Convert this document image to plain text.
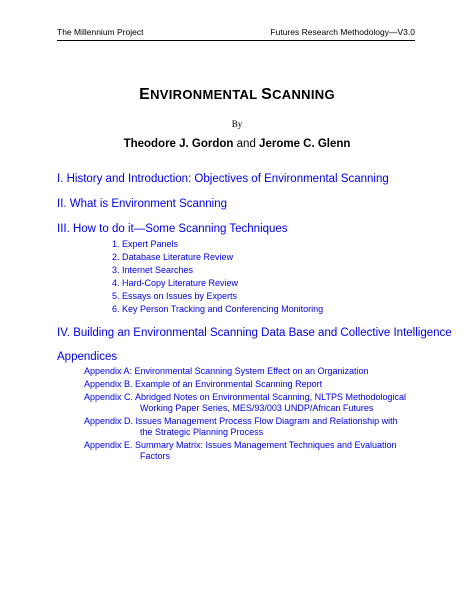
The Millennium Project	Futures Research Methodology—V3.0
ENVIRONMENTAL SCANNING
By
Theodore J. Gordon and Jerome C. Glenn
I. History and Introduction: Objectives of Environmental Scanning
II. What is Environment Scanning
III. How to do it—Some Scanning Techniques
1. Expert Panels
2. Database Literature Review
3. Internet Searches
4. Hard-Copy Literature Review
5. Essays on Issues by Experts
6. Key Person Tracking and Conferencing Monitoring
IV. Building an Environmental Scanning Data Base and Collective Intelligence
Appendices
Appendix A: Environmental Scanning System Effect on an Organization
Appendix B. Example of an Environmental Scanning Report
Appendix C. Abridged Notes on Environmental Scanning, NLTPS Methodological
Working Paper Series, MES/93/003 UNDP/African Futures
Appendix D. Issues Management Process Flow Diagram and Relationship with
the Strategic Planning Process
Appendix E. Summary Matrix: Issues Management Techniques and Evaluation
Factors
